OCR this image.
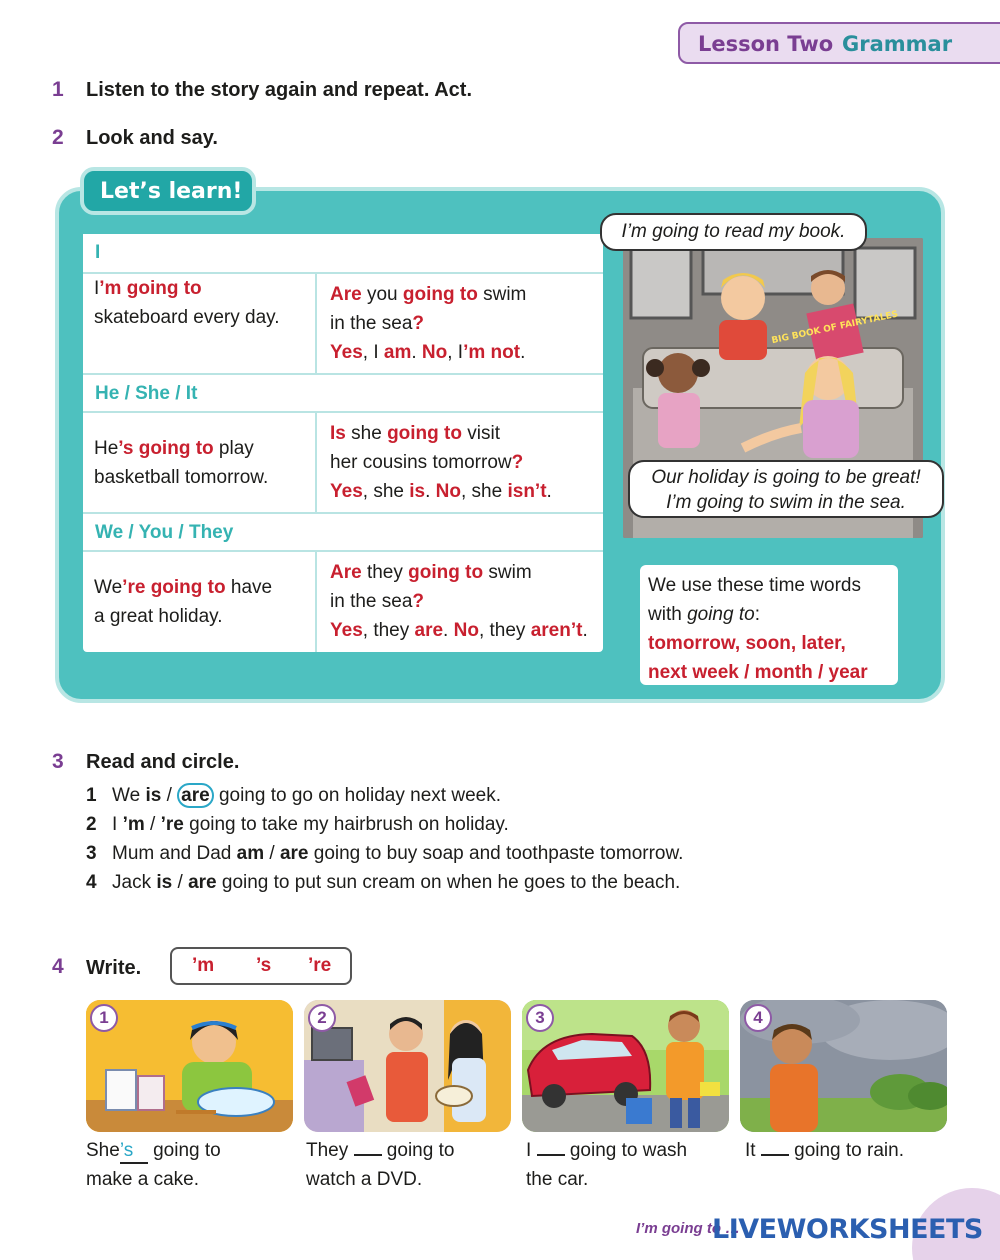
Lesson Two Grammar
1 Listen to the story again and repeat. Act.
2 Look and say.
Let’s learn!
I
I’m going to
skateboard every day.
Are you going to swim
in the sea?
Yes, I am. No, I’m not.
He / She / It
He’s going to play
basketball tomorrow.
Is she going to visit
her cousins tomorrow?
Yes, she is. No, she isn’t.
We / You / They
We’re going to have
a great holiday.
Are they going to swim
in the sea?
Yes, they are. No, they aren’t.
BIG BOOK OF FAIRYTALES
I’m going to read my book.
Our holiday is going to be great!
I’m going to swim in the sea.
We use these time words
with going to:
tomorrow, soon, later,
next week / month / year
3 Read and circle.
1 We is / are going to go on holiday next week.
2 I ’m / ’re going to take my hairbrush on holiday.
3 Mum and Dad am / are going to buy soap and toothpaste tomorrow.
4 Jack is / are going to put sun cream on when he goes to the beach.
4 Write.	’m ’s ’re
1	2	3	4
She’s going to
make a cake.
They  going to
watch a DVD.
I  going to wash
the car.
It  going to rain.
I’m going to …
LIVEWORKSHEETS
